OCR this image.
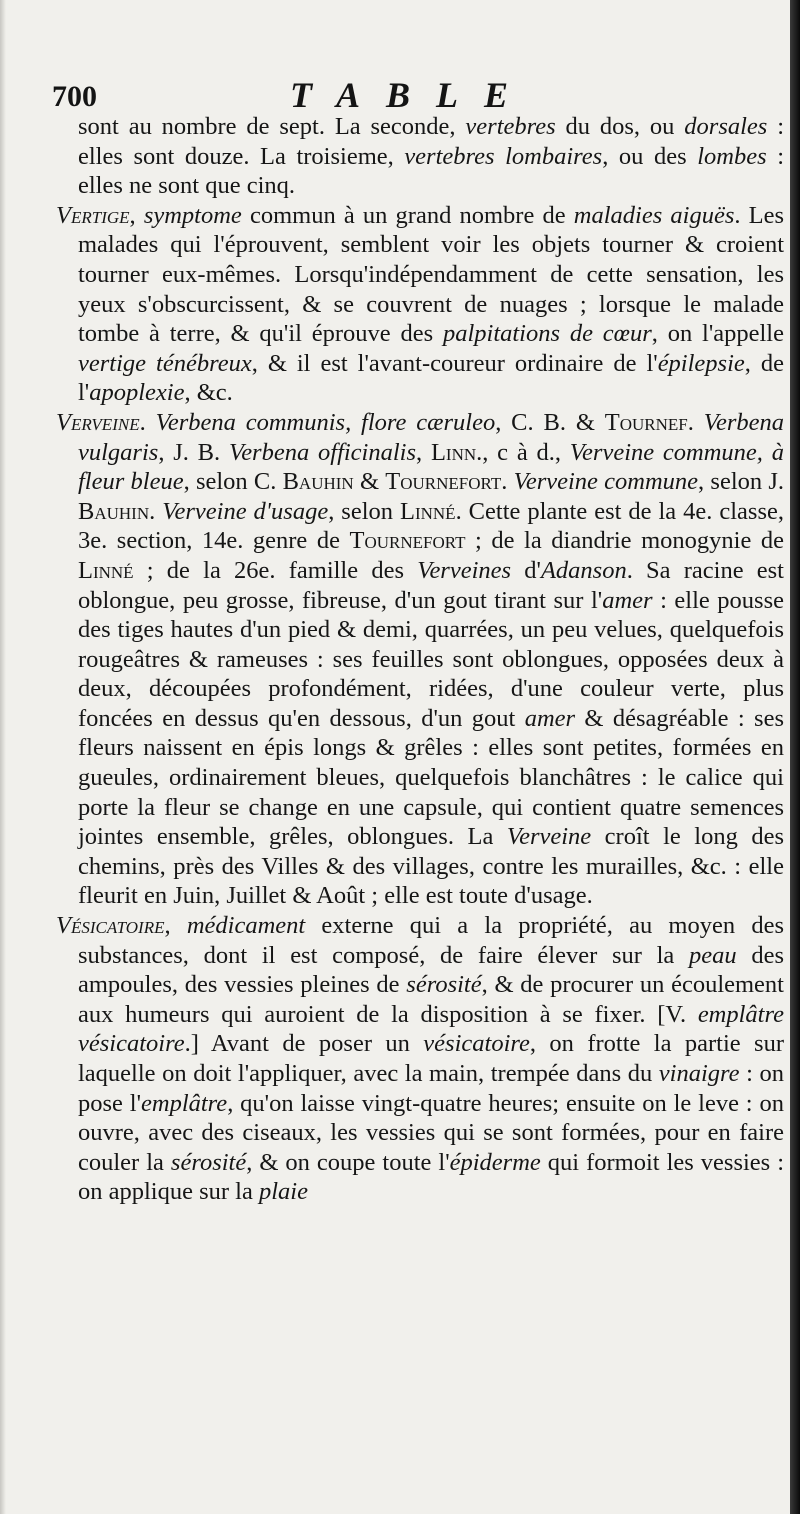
700	TABLE

sont au nombre de sept. La seconde, vertebres du dos, ou dorsales : elles sont douze. La troisieme, vertebres lombaires, ou des lombes : elles ne sont que cinq.

Vertige, symptome commun à un grand nombre de maladies aiguës. Les malades qui l'éprouvent, semblent voir les objets tourner & croient tourner eux-mêmes. Lorsqu'indépendamment de cette sensation, les yeux s'obscurcissent, & se couvrent de nuages ; lorsque le malade tombe à terre, & qu'il éprouve des palpitations de cœur, on l'appelle vertige ténébreux, & il est l'avant-coureur ordinaire de l'épilepsie, de l'apoplexie, &c.

Verveine. Verbena communis, flore cæruleo, C. B. & Tournef. Verbena vulgaris, J. B. Verbena officinalis, Linn., c à d., Verveine commune, à fleur bleue, selon C. Bauhin & Tournefort. Verveine commune, selon J. Bauhin. Verveine d'usage, selon Linné. Cette plante est de la 4e. classe, 3e. section, 14e. genre de Tournefort ; de la diandrie monogynie de Linné ; de la 26e. famille des Verveines d'Adanson. Sa racine est oblongue, peu grosse, fibreuse, d'un gout tirant sur l'amer : elle pousse des tiges hautes d'un pied & demi, quarrées, un peu velues, quelquefois rougeâtres & rameuses : ses feuilles sont oblongues, opposées deux à deux, découpées profondément, ridées, d'une couleur verte, plus foncées en dessus qu'en dessous, d'un gout amer & désagréable : ses fleurs naissent en épis longs & grêles : elles sont petites, formées en gueules, ordinairement bleues, quelquefois blanchâtres : le calice qui porte la fleur se change en une capsule, qui contient quatre semences jointes ensemble, grêles, oblongues. La Verveine croît le long des chemins, près des Villes & des villages, contre les murailles, &c. : elle fleurit en Juin, Juillet & Août ; elle est toute d'usage.

Vésicatoire, médicament externe qui a la propriété, au moyen des substances, dont il est composé, de faire élever sur la peau des ampoules, des vessies pleines de sérosité, & de procurer un écoulement aux humeurs qui auroient de la disposition à se fixer. [V. emplâtre vésicatoire.] Avant de poser un vésicatoire, on frotte la partie sur laquelle on doit l'appliquer, avec la main, trempée dans du vinaigre : on pose l'emplâtre, qu'on laisse vingt-quatre heures; ensuite on le leve : on ouvre, avec des ciseaux, les vessies qui se sont formées, pour en faire couler la sérosité, & on coupe toute l'épiderme qui formoit les vessies : on applique sur la plaie
